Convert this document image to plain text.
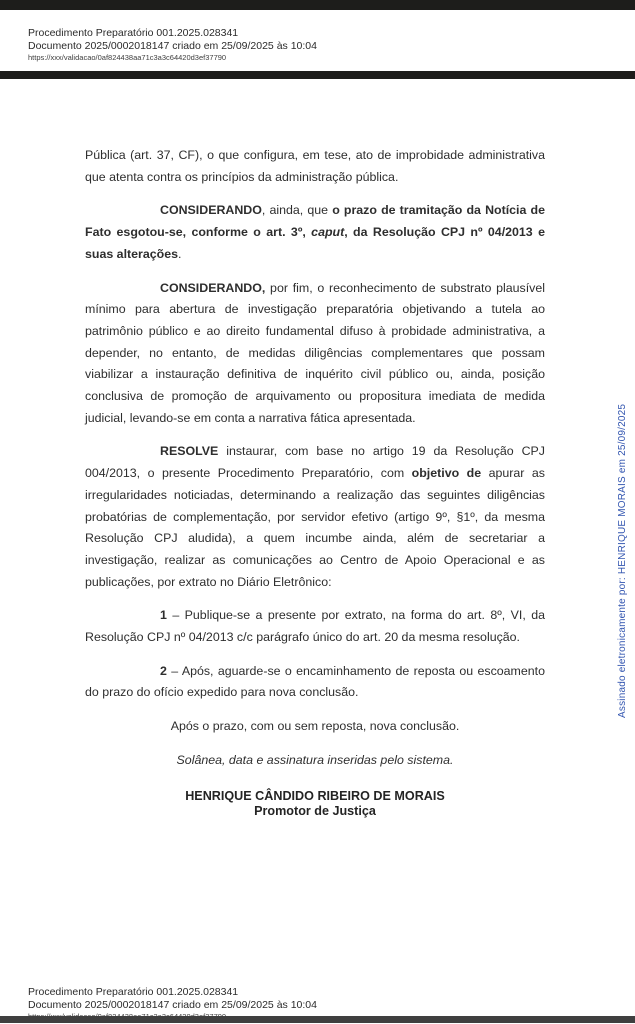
Procedimento Preparatório 001.2025.028341
Documento 2025/0002018147 criado em 25/09/2025 às 10:04
https://xxx/validacao/0af824438aa71c3a3c64420d3ef37790

Pública (art. 37, CF), o que configura, em tese, ato de improbidade administrativa que atenta contra os princípios da administração pública.

CONSIDERANDO, ainda, que o prazo de tramitação da Notícia de Fato esgotou-se, conforme o art. 3º, caput, da Resolução CPJ nº 04/2013 e suas alterações.

CONSIDERANDO, por fim, o reconhecimento de substrato plausível mínimo para abertura de investigação preparatória objetivando a tutela ao patrimônio público e ao direito fundamental difuso à probidade administrativa, a depender, no entanto, de medidas diligências complementares que possam viabilizar a instauração definitiva de inquérito civil público ou, ainda, posição conclusiva de promoção de arquivamento ou propositura imediata de medida judicial, levando-se em conta a narrativa fática apresentada.

RESOLVE instaurar, com base no artigo 19 da Resolução CPJ 004/2013, o presente Procedimento Preparatório, com objetivo de apurar as irregularidades noticiadas, determinando a realização das seguintes diligências probatórias de complementação, por servidor efetivo (artigo 9º, §1º, da mesma Resolução CPJ aludida), a quem incumbe ainda, além de secretariar a investigação, realizar as comunicações ao Centro de Apoio Operacional e as publicações, por extrato no Diário Eletrônico:

1 – Publique-se a presente por extrato, na forma do art. 8º, VI, da Resolução CPJ nº 04/2013 c/c parágrafo único do art. 20 da mesma resolução.

2 – Após, aguarde-se o encaminhamento de reposta ou escoamento do prazo do ofício expedido para nova conclusão.

Após o prazo, com ou sem reposta, nova conclusão.

Solânea, data e assinatura inseridas pelo sistema.

HENRIQUE CÂNDIDO RIBEIRO DE MORAIS
Promotor de Justiça
Assinado eletronicamente por: HENRIQUE MORAIS em 25/09/2025
Procedimento Preparatório 001.2025.028341
Documento 2025/0002018147 criado em 25/09/2025 às 10:04
